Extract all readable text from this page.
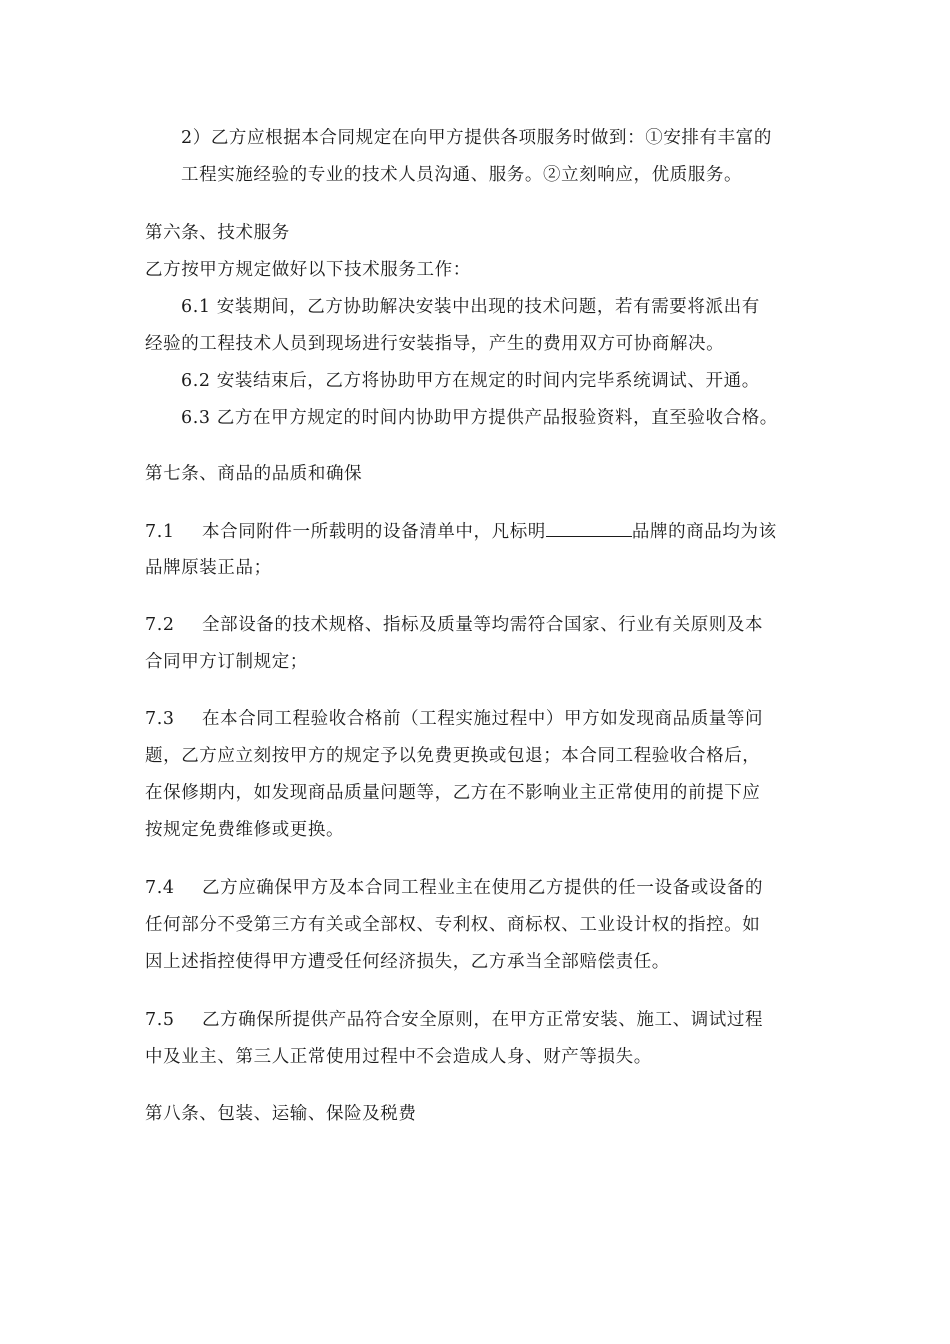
2）乙方应根据本合同规定在向甲方提供各项服务时做到：①安排有丰富的
工程实施经验的专业的技术人员沟通、服务。②立刻响应，优质服务。
第六条、技术服务
乙方按甲方规定做好以下技术服务工作：
6.1 安装期间，乙方协助解决安装中出现的技术问题，若有需要将派出有
经验的工程技术人员到现场进行安装指导，产生的费用双方可协商解决。
6.2 安装结束后，乙方将协助甲方在规定的时间内完毕系统调试、开通。
6.3 乙方在甲方规定的时间内协助甲方提供产品报验资料，直至验收合格。
第七条、商品的品质和确保
7.1 本合同附件一所载明的设备清单中，凡标明	品牌的商品均为该
品牌原装正品；
7.2 全部设备的技术规格、指标及质量等均需符合国家、行业有关原则及本
合同甲方订制规定；
7.3 在本合同工程验收合格前（工程实施过程中）甲方如发现商品质量等问
题，乙方应立刻按甲方的规定予以免费更换或包退；本合同工程验收合格后，
在保修期内，如发现商品质量问题等，乙方在不影响业主正常使用的前提下应
按规定免费维修或更换。
7.4 乙方应确保甲方及本合同工程业主在使用乙方提供的任一设备或设备的
任何部分不受第三方有关或全部权、专利权、商标权、工业设计权的指控。如
因上述指控使得甲方遭受任何经济损失，乙方承当全部赔偿责任。
7.5 乙方确保所提供产品符合安全原则，在甲方正常安装、施工、调试过程
中及业主、第三人正常使用过程中不会造成人身、财产等损失。
第八条、包装、运输、保险及税费
